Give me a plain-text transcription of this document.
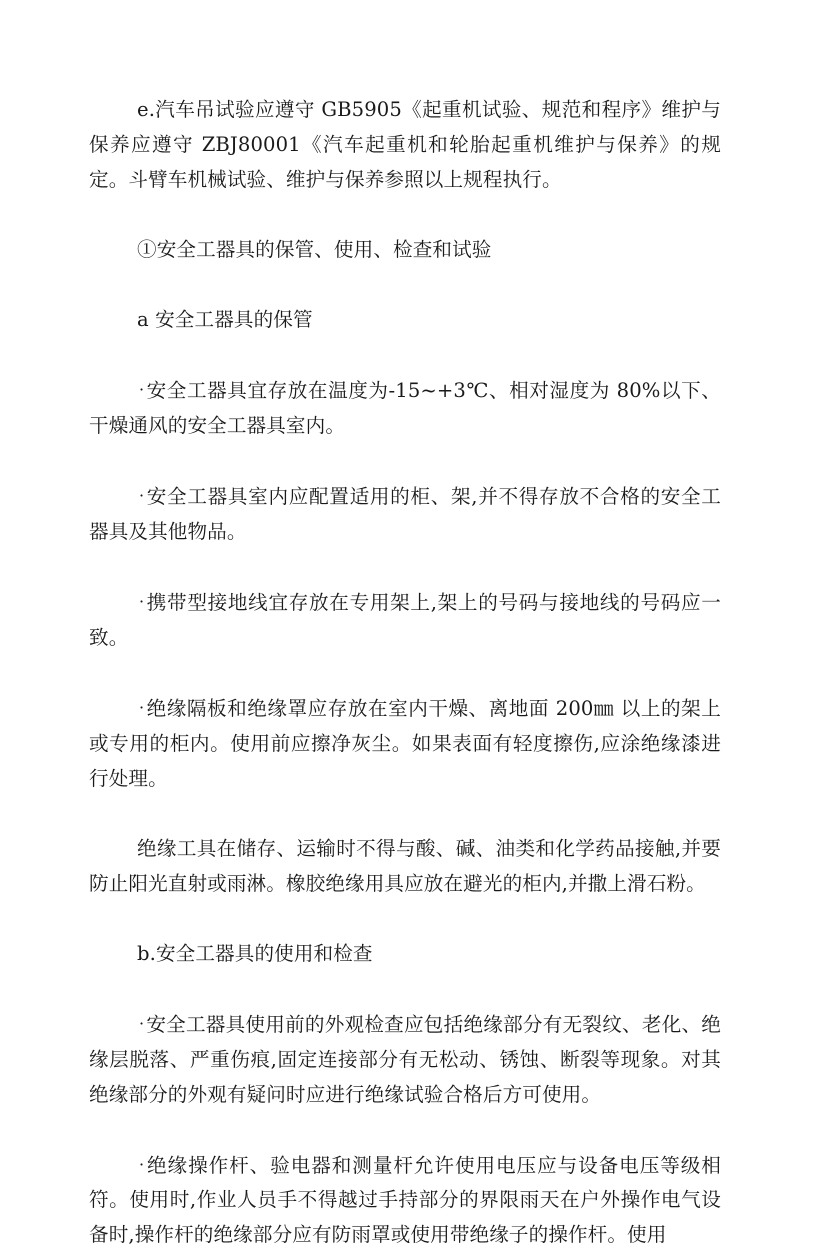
e.汽车吊试验应遵守 GB5905《起重机试验、规范和程序》维护与保养应遵守 ZBJ80001《汽车起重机和轮胎起重机维护与保养》的规定。斗臂车机械试验、维护与保养参照以上规程执行。

①安全工器具的保管、使用、检查和试验

a 安全工器具的保管

· 安全工器具宜存放在温度为-15~+3℃、相对湿度为 80%以下、干燥通风的安全工器具室内。

· 安全工器具室内应配置适用的柜、架,并不得存放不合格的安全工器具及其他物品。

· 携带型接地线宜存放在专用架上,架上的号码与接地线的号码应一致。

· 绝缘隔板和绝缘罩应存放在室内干燥、离地面 200㎜ 以上的架上或专用的柜内。使用前应擦净灰尘。如果表面有轻度擦伤,应涂绝缘漆进行处理。

绝缘工具在储存、运输时不得与酸、碱、油类和化学药品接触,并要防止阳光直射或雨淋。橡胶绝缘用具应放在避光的柜内,并撒上滑石粉。

b.安全工器具的使用和检查

· 安全工器具使用前的外观检查应包括绝缘部分有无裂纹、老化、绝缘层脱落、严重伤痕,固定连接部分有无松动、锈蚀、断裂等现象。对其绝缘部分的外观有疑问时应进行绝缘试验合格后方可使用。

· 绝缘操作杆、验电器和测量杆允许使用电压应与设备电压等级相符。使用时,作业人员手不得越过手持部分的界限雨天在户外操作电气设备时,操作杆的绝缘部分应有防雨罩或使用带绝缘子的操作杆。使用
